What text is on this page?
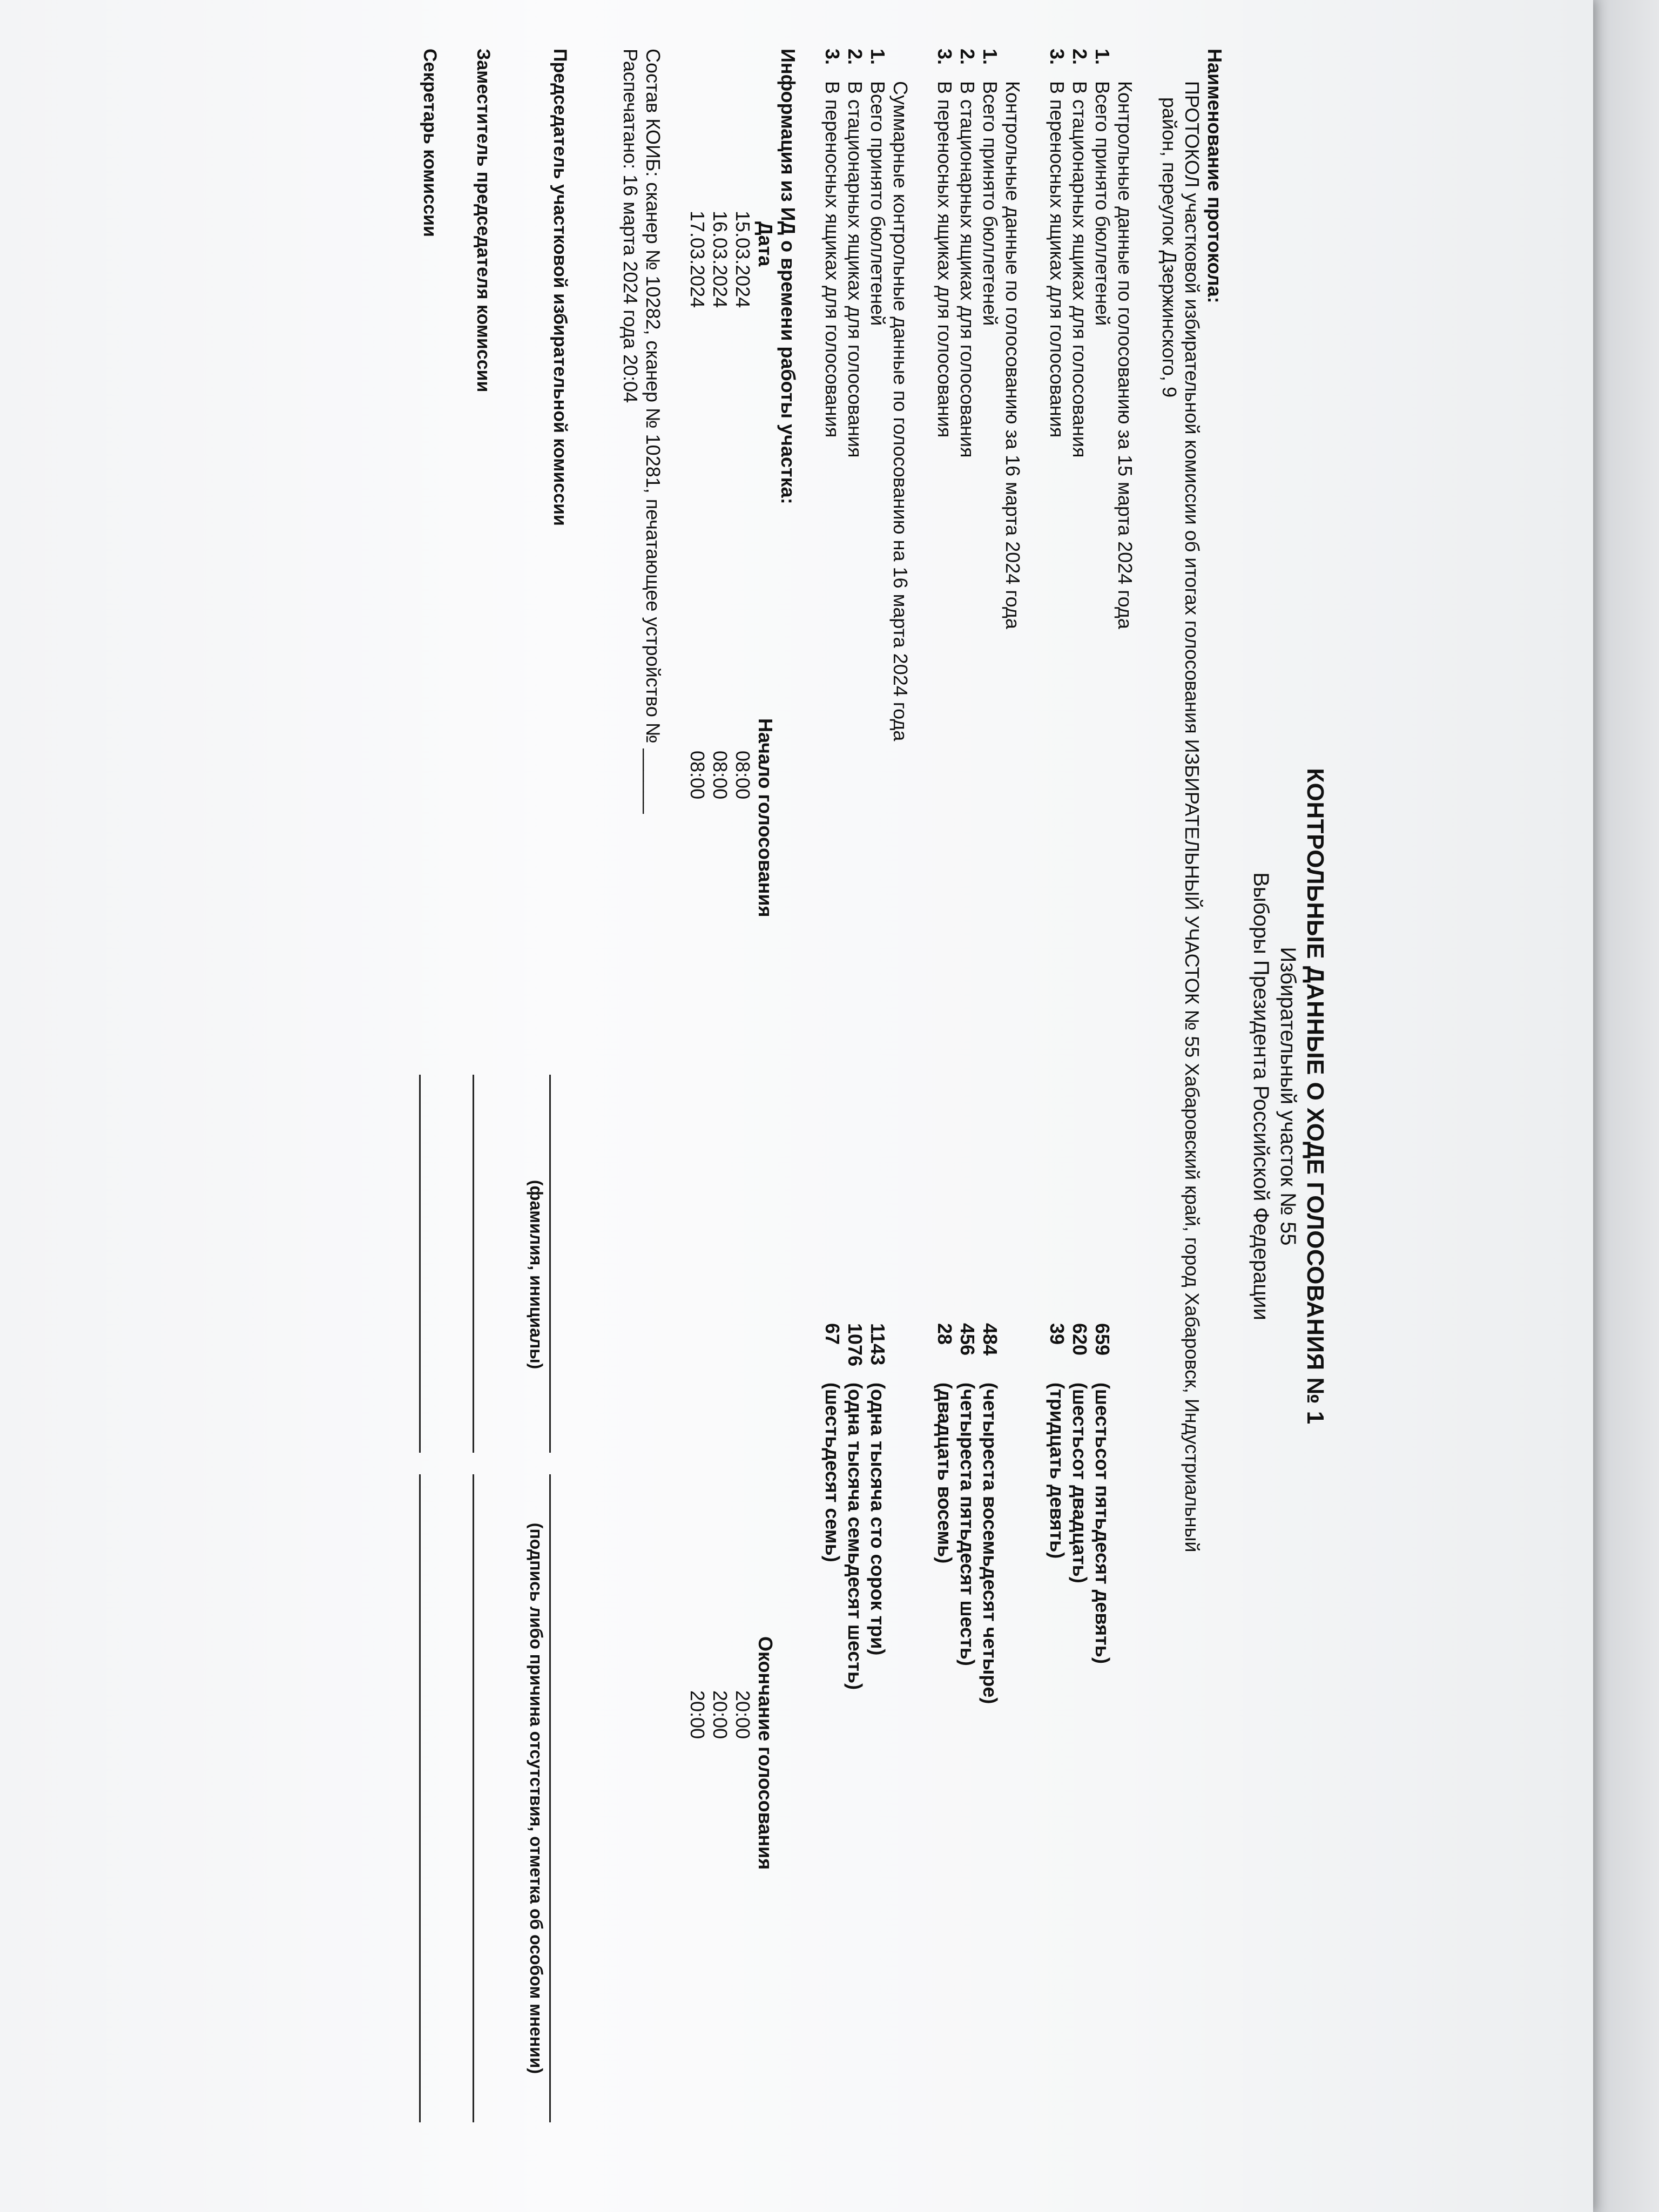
КОНТРОЛЬНЫЕ ДАННЫЕ О ХОДЕ ГОЛОСОВАНИЯ № 1
Избирательный участок № 55
Выборы Президента Российской Федерации
Наименование протокола:
ПРОТОКОЛ участковой избирательной комиссии об итогах голосования ИЗБИРАТЕЛЬНЫЙ УЧАСТОК № 55 Хабаровский край, город Хабаровск, Индустриальный
район, переулок Дзержинского, 9
Контрольные данные по голосованию за 15 марта 2024 года
1.
Всего принято бюллетеней
659
(шестьсот пятьдесят девять)
2.
В стационарных ящиках для голосования
620
(шестьсот двадцать)
3.
В переносных ящиках для голосования
39
(тридцать девять)
Контрольные данные по голосованию за 16 марта 2024 года
1.
Всего принято бюллетеней
484
(четыреста восемьдесят четыре)
2.
В стационарных ящиках для голосования
456
(четыреста пятьдесят шесть)
3.
В переносных ящиках для голосования
28
(двадцать восемь)
Суммарные контрольные данные по голосованию на 16 марта 2024 года
1.
Всего принято бюллетеней
1143
(одна тысяча сто сорок три)
2.
В стационарных ящиках для голосования
1076
(одна тысяча семьдесят шесть)
3.
В переносных ящиках для голосования
67
(шестьдесят семь)
Информация из ИД о времени работы участка:
Дата
Начало голосования
Окончание голосования
15.03.2024
08:00
20:00
16.03.2024
08:00
20:00
17.03.2024
08:00
20:00
Состав КОИБ: сканер № 10282, сканер № 10281, печатающее устройство № ______
Распечатано: 16 марта 2024 года 20:04
Председатель участковой избирательной комиссии
(фамилия, инициалы)
(подпись либо причина отсутствия, отметка об особом мнении)
Заместитель председателя комиссии
Секретарь комиссии
